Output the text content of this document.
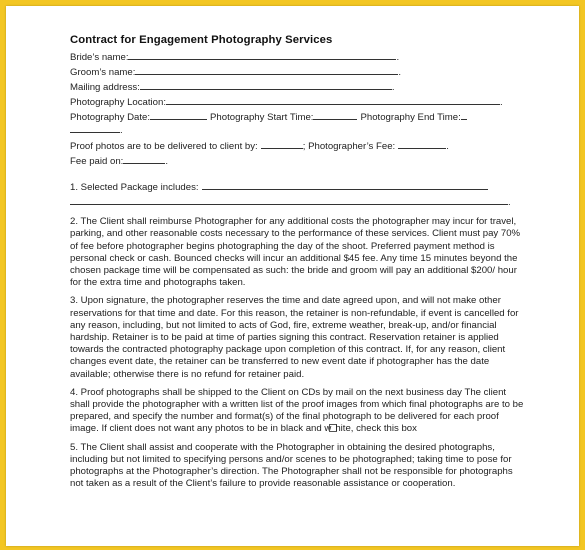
Contract for Engagement Photography Services
Bride’s name:	.
Groom’s name:	.
Mailing address:	.
Photography Location:	.
Photography Date:	Photography Start Time:	Photography End Time:
.
Proof photos are to be delivered to client by:	; Photographer’s Fee:	.
Fee paid on:	.
1. Selected Package includes:
.

2. The Client shall reimburse Photographer for any additional costs the photographer may incur for travel, parking, and other reasonable costs necessary to the performance of these services. Client must pay 70% of fee before photographer begins photographing the day of the shoot. Preferred payment method is personal check or cash. Bounced checks will incur an additional $45 fee. Any time 15 minutes beyond the chosen package time will be compensated as such: the bride and groom will pay an additional $200/ hour for the extra time and photographs taken.

3. Upon signature, the photographer reserves the time and date agreed upon, and will not make other reservations for that time and date. For this reason, the retainer is non-refundable, if event is cancelled for any reason, including, but not limited to acts of God, fire, extreme weather, break-up, and/or financial hardship. Retainer is to be paid at time of parties signing this contract. Reservation retainer is applied towards the contracted photography package upon completion of this contract. If, for any reason, client changes event date, the retainer can be transferred to new event date if photographer has the date available; otherwise there is no refund for retainer paid.

4. Proof photographs shall be shipped to the Client on CDs by mail on the next business day The client shall provide the photographer with a written list of the proof images from which final photographs are to be prepared, and specify the number and format(s) of the final photograph to be delivered for each proof image. If client does not want any photos to be in black and w hite, check this box

5. The Client shall assist and cooperate with the Photographer in obtaining the desired photographs, including but not limited to specifying persons and/or scenes to be photographed; taking time to pose for photographs at the Photographer’s direction. The Photographer shall not be responsible for photographs not taken as a result of the Client’s failure to provide reasonable assistance or cooperation.
